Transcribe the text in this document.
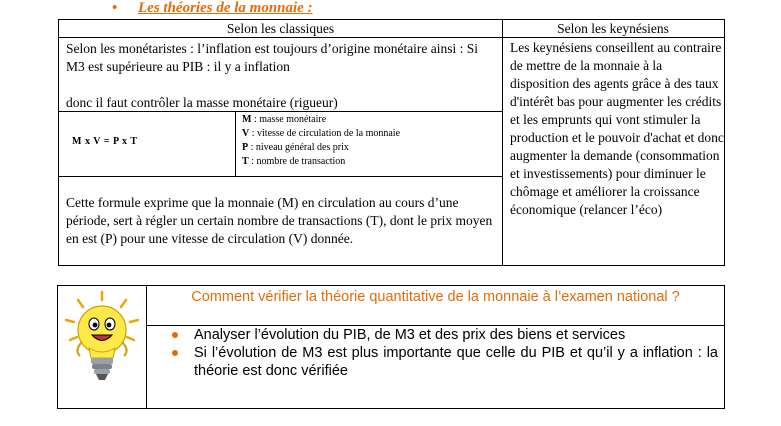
• Les théories de la monnaie :
Selon les classiques	Selon les keynésiens
Selon les monétaristes : l’inflation est toujours d’origine monétaire ainsi : Si M3 est supérieure au PIB : il y a inflation
donc il faut contrôler la masse monétaire (rigueur)
M x V = P x T
M : masse monétaire
V : vitesse de circulation de la monnaie
P : niveau général des prix
T : nombre de transaction
Cette formule exprime que la monnaie (M) en circulation au cours d’une période, sert à régler un certain nombre de transactions (T), dont le prix moyen en est (P) pour une vitesse de circulation (V) donnée.
Les keynésiens conseillent au contraire de mettre de la monnaie à la disposition des agents grâce à des taux d'intérêt bas pour augmenter les crédits et les emprunts qui vont stimuler la production et le pouvoir d'achat et donc augmenter la demande (consommation et investissements) pour diminuer le chômage et améliorer la croissance économique (relancer l’éco)
Comment vérifier la théorie quantitative de la monnaie à l’examen national ?
Analyser l’évolution du PIB, de M3 et des prix des biens et services
Si l’évolution de M3 est plus importante que celle du PIB et qu’il y a inflation : la théorie est donc vérifiée
